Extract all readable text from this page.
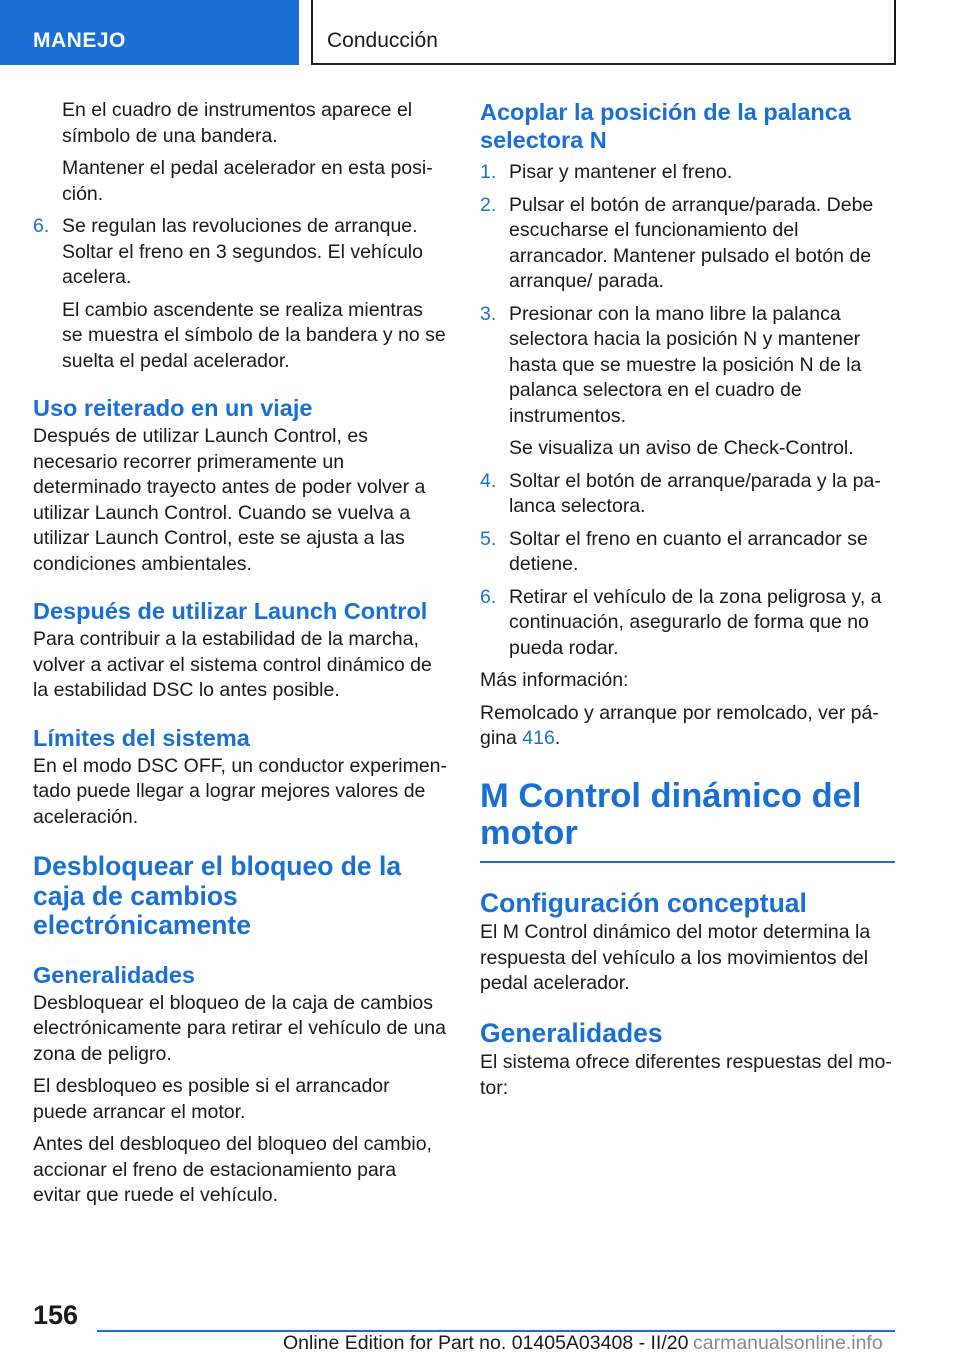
MANEJO	Conducción

En el cuadro de instrumentos aparece el símbolo de una bandera.

Mantener el pedal acelerador en esta posición.

6. Se regulan las revoluciones de arranque. Soltar el freno en 3 segundos. El vehículo acelera.
El cambio ascendente se realiza mientras se muestra el símbolo de la bandera y no se suelta el pedal acelerador.
Uso reiterado en un viaje

Después de utilizar Launch Control, es necesario recorrer primeramente un determinado trayecto antes de poder volver a utilizar Launch Control. Cuando se vuelva a utilizar Launch Control, este se ajusta a las condiciones ambientales.

Después de utilizar Launch Control

Para contribuir a la estabilidad de la marcha, volver a activar el sistema control dinámico de la estabilidad DSC lo antes posible.

Límites del sistema

En el modo DSC OFF, un conductor experimentado puede llegar a lograr mejores valores de aceleración.

Desbloquear el bloqueo de la caja de cambios electrónicamente
Generalidades

Desbloquear el bloqueo de la caja de cambios electrónicamente para retirar el vehículo de una zona de peligro.

El desbloqueo es posible si el arrancador puede arrancar el motor.

Antes del desbloqueo del bloqueo del cambio, accionar el freno de estacionamiento para evitar que ruede el vehículo.

Acoplar la posición de la palanca selectora N
1. Pisar y mantener el freno.
2. Pulsar el botón de arranque/parada. Debe escucharse el funcionamiento del arrancador. Mantener pulsado el botón de arranque/ parada.
3. Presionar con la mano libre la palanca selectora hacia la posición N y mantener hasta que se muestre la posición N de la palanca selectora en el cuadro de instrumentos.
Se visualiza un aviso de Check-Control.
4. Soltar el botón de arranque/parada y la palanca selectora.
5. Soltar el freno en cuanto el arrancador se detiene.
6. Retirar el vehículo de la zona peligrosa y, a continuación, asegurarlo de forma que no pueda rodar.

Más información:

Remolcado y arranque por remolcado, ver página 416.

M Control dinámico del motor
Configuración conceptual

El M Control dinámico del motor determina la respuesta del vehículo a los movimientos del pedal acelerador.

Generalidades

El sistema ofrece diferentes respuestas del motor:

156
Online Edition for Part no. 01405A03408 - II/20 carmanualsonline.info
